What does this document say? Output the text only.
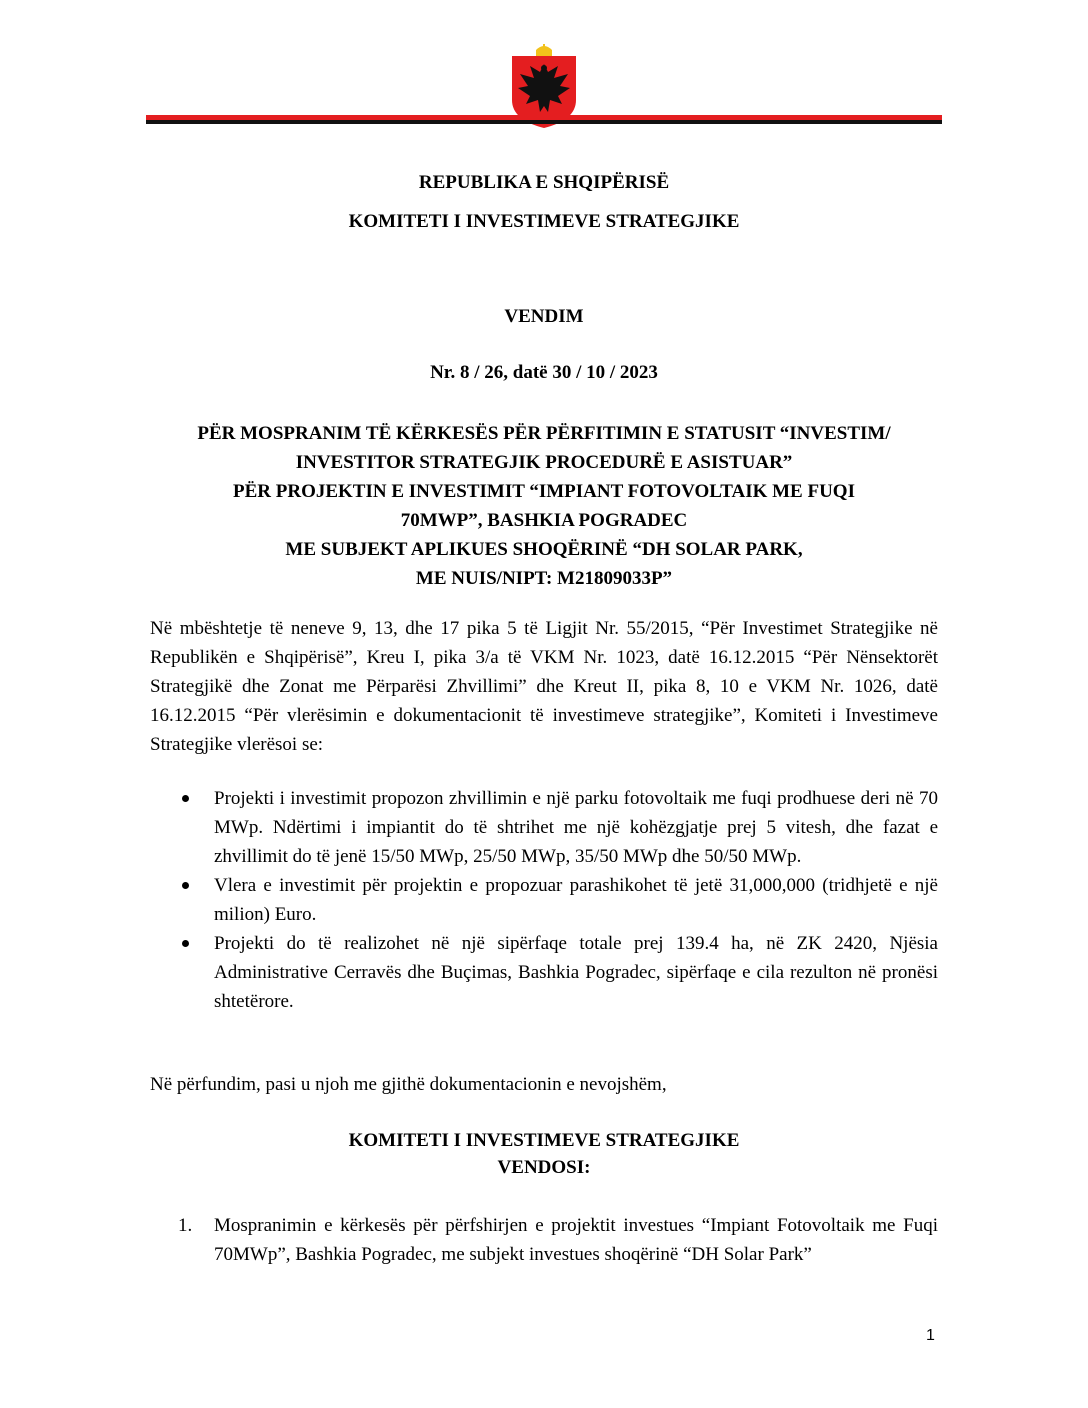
REPUBLIKA E SHQIPËRISË
KOMITETI I INVESTIMEVE STRATEGJIKE
VENDIM
Nr. 8 / 26, datë 30 / 10 / 2023
PËR MOSPRANIM TË KËRKESËS PËR PËRFITIMIN E STATUSIT “INVESTIM/
INVESTITOR STRATEGJIK PROCEDURË E ASISTUAR”
PËR PROJEKTIN E INVESTIMIT “IMPIANT FOTOVOLTAIK ME FUQI
70MWP”, BASHKIA POGRADEC
ME SUBJEKT APLIKUES SHOQËRINË “DH SOLAR PARK,
ME NUIS/NIPT: M21809033P”

Në mbështetje të neneve 9, 13, dhe 17 pika 5 të Ligjit Nr. 55/2015, “Për Investimet Strategjike në Republikën e Shqipërisë”, Kreu I, pika 3/a të VKM Nr. 1023, datë 16.12.2015 “Për Nënsektorët Strategjikë dhe Zonat me Përparësi Zhvillimi” dhe Kreut II, pika 8, 10 e VKM Nr. 1026, datë 16.12.2015 “Për vlerësimin e dokumentacionit të investimeve strategjike”, Komiteti i Investimeve Strategjike vlerësoi se:

Projekti i investimit propozon zhvillimin e një parku fotovoltaik me fuqi prodhuese deri në 70 MWp. Ndërtimi i impiantit do të shtrihet me një kohëzgjatje prej 5 vitesh, dhe fazat e zhvillimit do të jenë 15/50 MWp, 25/50 MWp, 35/50 MWp dhe 50/50 MWp.
Vlera e investimit për projektin e propozuar parashikohet të jetë 31,000,000 (tridhjetë e një milion) Euro.
Projekti do të realizohet në një sipërfaqe totale prej 139.4 ha, në ZK 2420, Njësia Administrative Cerravës dhe Buçimas, Bashkia Pogradec, sipërfaqe e cila rezulton në pronësi shtetërore.

Në përfundim, pasi u njoh me gjithë dokumentacionin e nevojshëm,

KOMITETI I INVESTIMEVE STRATEGJIKE
VENDOSI:
1. Mospranimin e kërkesës për përfshirjen e projektit investues “Impiant Fotovoltaik me Fuqi 70MWp”, Bashkia Pogradec, me subjekt investues shoqërinë “DH Solar Park”
1
